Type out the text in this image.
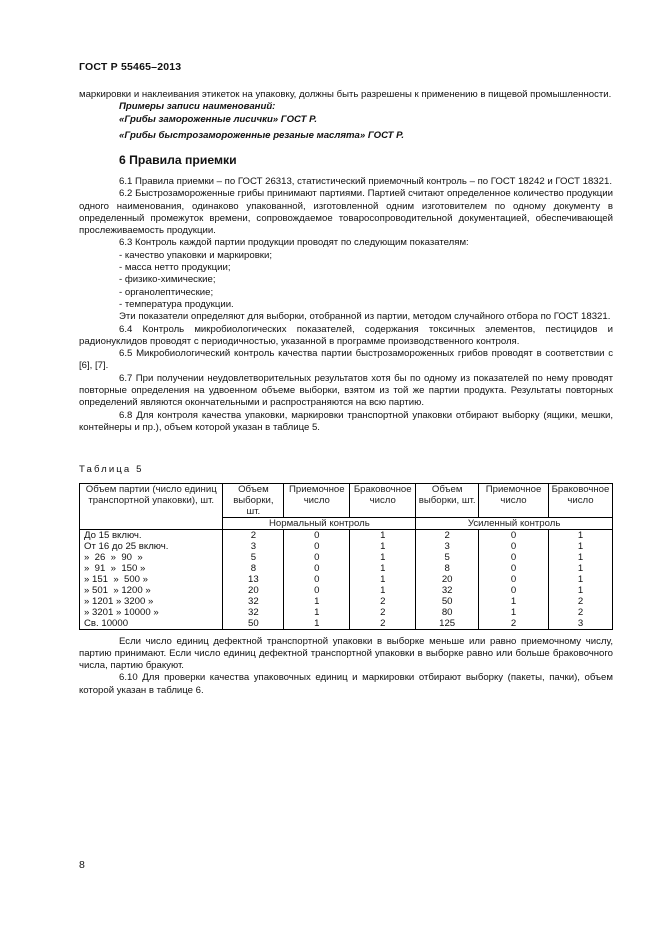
ГОСТ Р 55465–2013

маркировки и наклеивания этикеток на упаковку, должны быть разрешены к применению в пищевой промышленности.

Примеры записи наименований:

«Грибы замороженные лисички» ГОСТ Р.

«Грибы быстрозамороженные резаные маслята» ГОСТ Р.

6 Правила приемки

6.1 Правила приемки – по ГОСТ 26313, статистический приемочный контроль – по ГОСТ 18242 и ГОСТ 18321.

6.2 Быстрозамороженные грибы принимают партиями. Партией считают определенное количество продукции одного наименования, одинаково упакованной, изготовленной одним изготовителем по одному документу в определенный промежуток времени, сопровождаемое товаросопроводительной документацией, обеспечивающей прослеживаемость продукции.

6.3 Контроль каждой партии продукции проводят по следующим показателям:

- качество упаковки и маркировки;

- масса нетто продукции;

- физико-химические;

- органолептические;

- температура продукции.

Эти показатели определяют для выборки, отобранной из партии, методом случайного отбора по ГОСТ 18321.

6.4 Контроль микробиологических показателей, содержания токсичных элементов, пестицидов и радионуклидов проводят с периодичностью, указанной в программе производственного контроля.

6.5 Микробиологический контроль качества партии быстрозамороженных грибов проводят в соответствии с [6], [7].

6.7 При получении неудовлетворительных результатов хотя бы по одному из показателей по нему проводят повторные определения на удвоенном объеме выборки, взятом из той же партии продукта. Результаты повторных определений являются окончательными и распространяются на всю партию.

6.8 Для контроля качества упаковки, маркировки транспортной упаковки отбирают выборку (ящики, мешки, контейнеры и пр.), объем которой указан в таблице 5.

Таблица 5
Объем партии (число единиц транспортной упаковки), шт.	Объем выборки, шт.	Приемочное число	Браковочное число	Объем выборки, шт.	Приемочное число	Браковочное число
	Нормальный контроль			Усиленный контроль		
До 15 включ.	2	0	1	2	0	1
От 16 до 25 включ.	3	0	1	3	0	1
»  26  »  90  »	5	0	1	5	0	1
»  91  »  150 »	8	0	1	8	0	1
» 151  »  500 »	13	0	1	20	0	1
» 501  » 1200 »	20	0	1	32	0	1
» 1201 » 3200 »	32	1	2	50	1	2
» 3201 » 10000 »	32	1	2	80	1	2
Св. 10000	50	1	2	125	2	3

Если число единиц дефектной транспортной упаковки в выборке меньше или равно приемочному числу, партию принимают. Если число единиц дефектной транспортной упаковки в выборке равно или больше браковочного числа, партию бракуют.

6.10 Для проверки качества упаковочных единиц и маркировки отбирают выборку (пакеты, пачки), объем которой указан в таблице 6.

8
